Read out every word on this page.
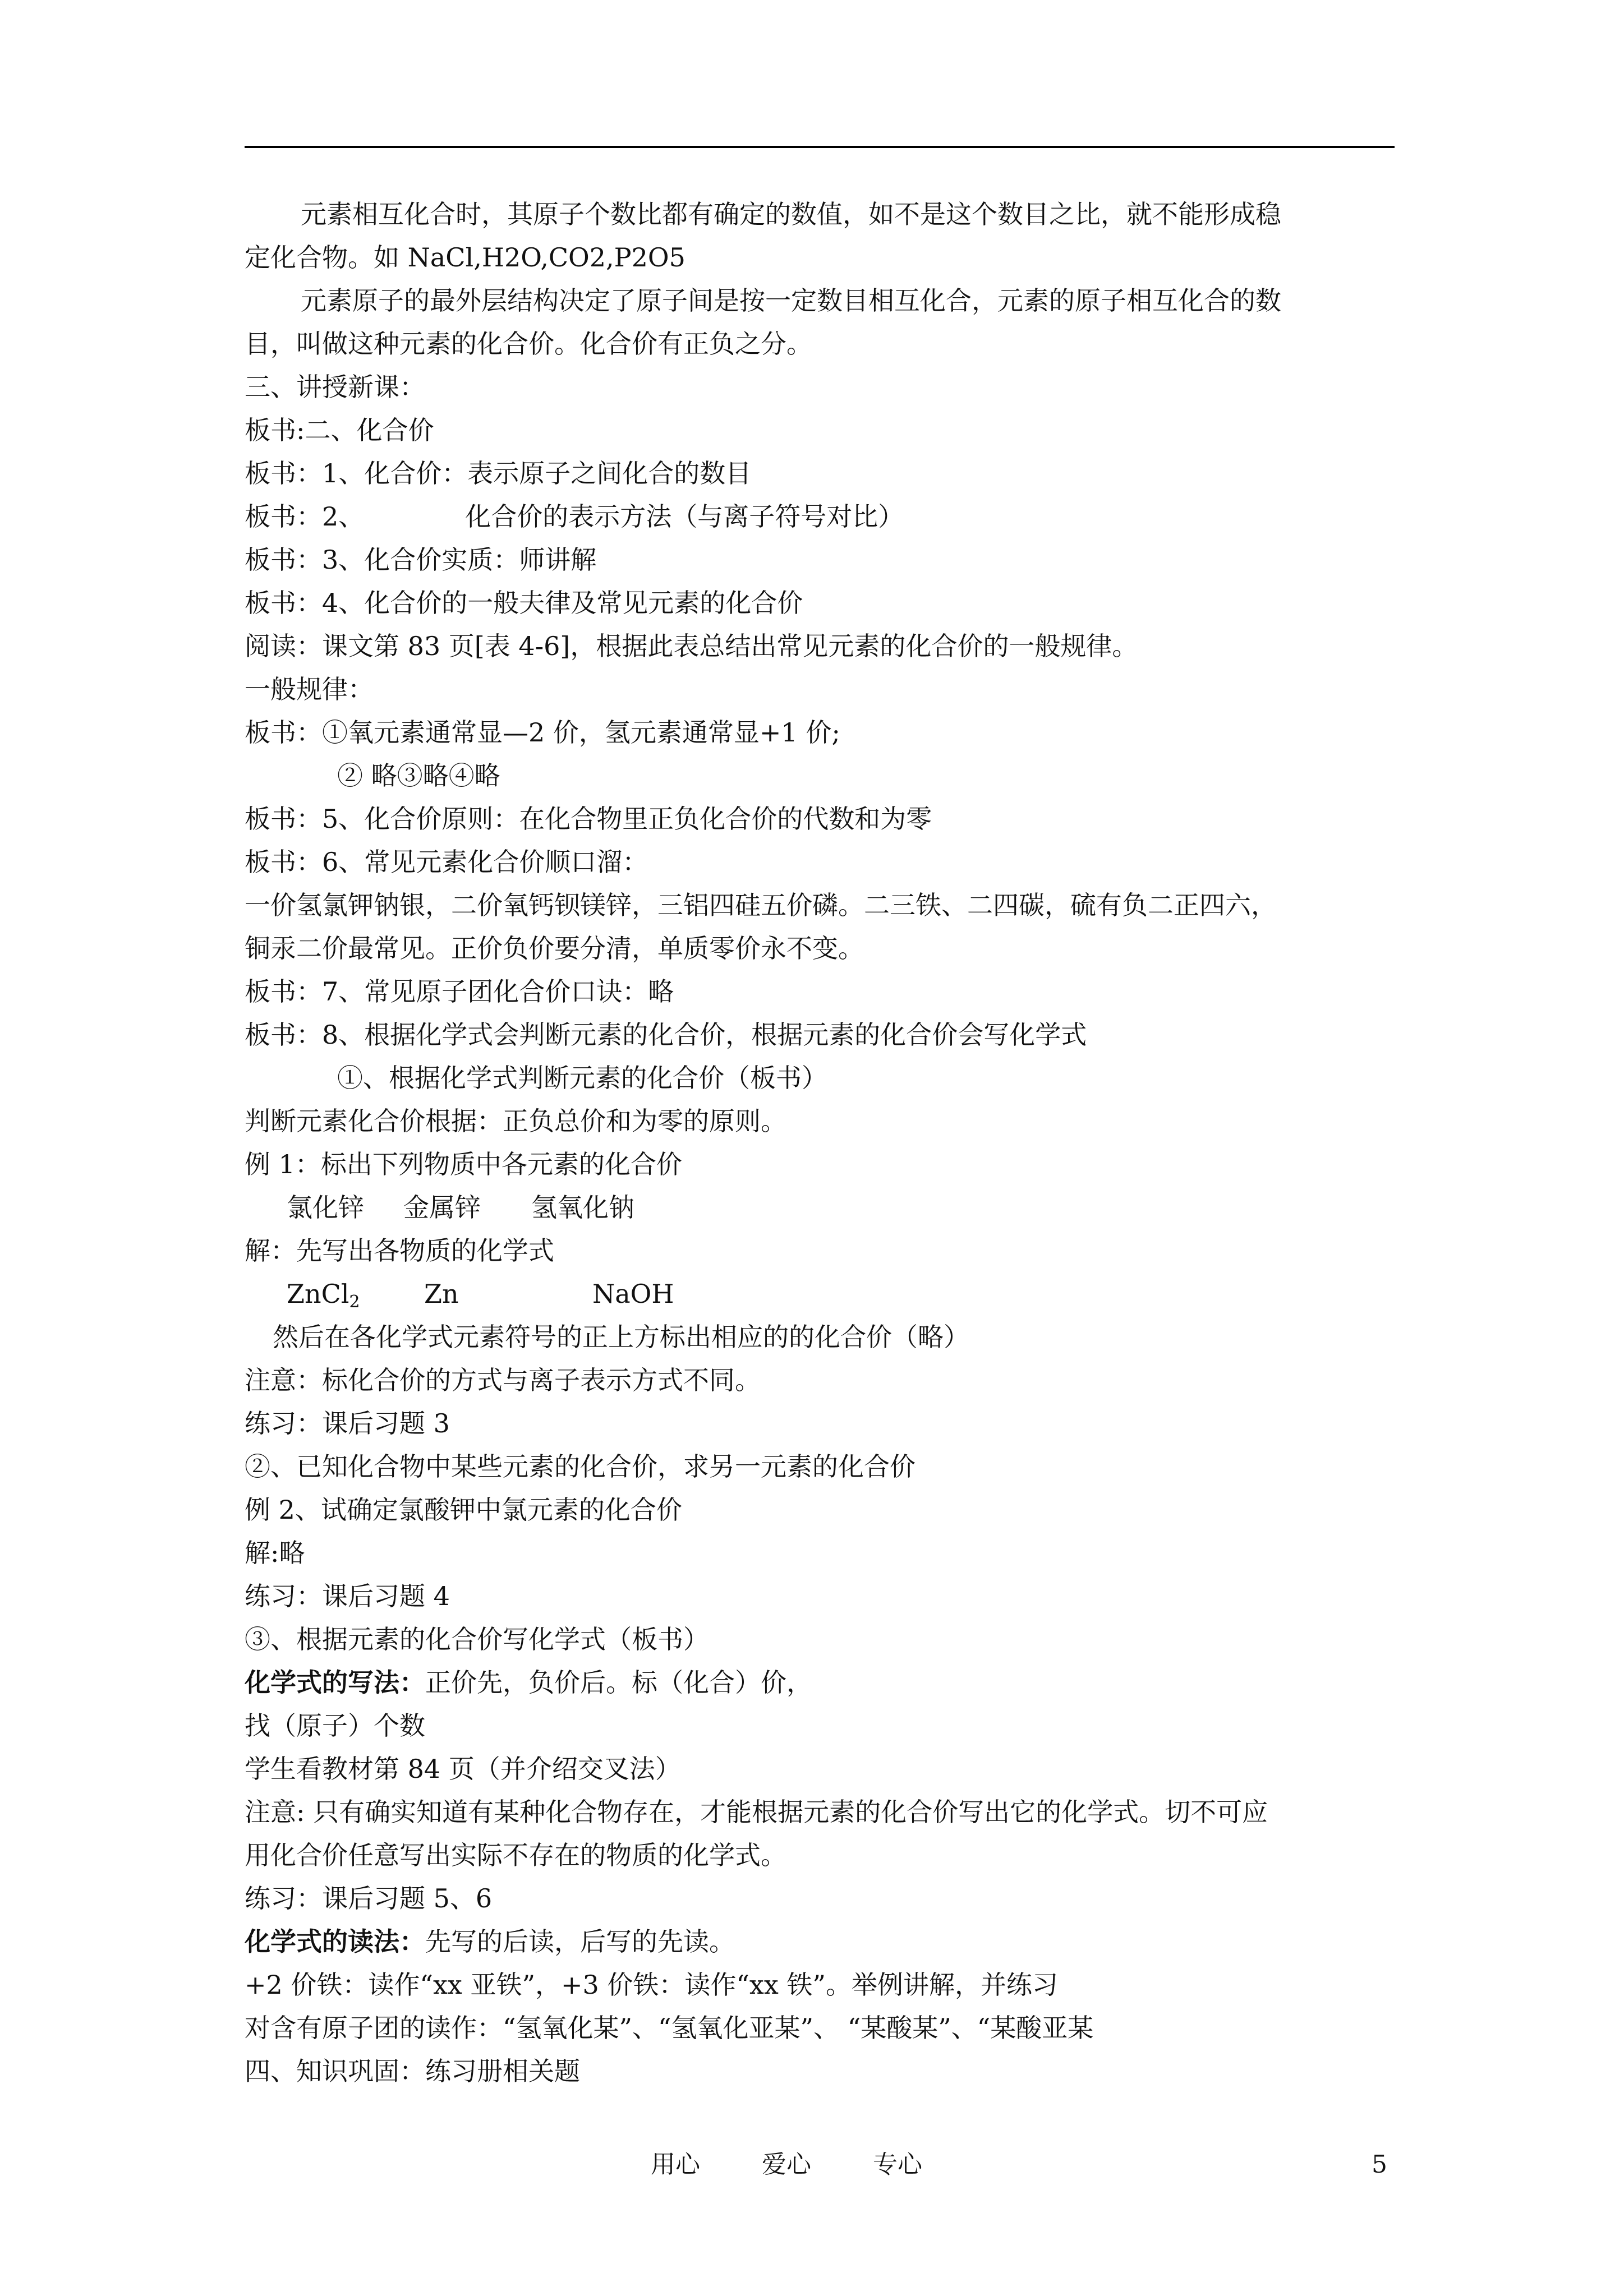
元素相互化合时，其原子个数比都有确定的数值，如不是这个数目之比，就不能形成稳
定化合物。如 NaCl,H2O,CO2,P2O5
元素原子的最外层结构决定了原子间是按一定数目相互化合，元素的原子相互化合的数
目，叫做这种元素的化合价。化合价有正负之分。
三、讲授新课：
板书:二、化合价
板书：1、化合价：表示原子之间化合的数目
板书：2、	化合价的表示方法（与离子符号对比）
板书：3、化合价实质：师讲解
板书：4、化合价的一般夫律及常见元素的化合价
阅读：课文第 83 页[表 4-6]，根据此表总结出常见元素的化合价的一般规律。
一般规律：
板书：①氧元素通常显—2 价，氢元素通常显+1 价;
② 略③略④略
板书：5、化合价原则：在化合物里正负化合价的代数和为零
板书：6、常见元素化合价顺口溜：
一价氢氯钾钠银，二价氧钙钡镁锌，三铝四硅五价磷。二三铁、二四碳，硫有负二正四六，
铜汞二价最常见。正价负价要分清，单质零价永不变。
板书：7、常见原子团化合价口诀：略
板书：8、根据化学式会判断元素的化合价，根据元素的化合价会写化学式
①、根据化学式判断元素的化合价（板书）
判断元素化合价根据：正负总价和为零的原则。
例 1：标出下列物质中各元素的化合价
氯化锌 金属锌 氢氧化钠
解：先写出各物质的化学式
ZnCl$_2$ Zn	NaOH
然后在各化学式元素符号的正上方标出相应的的化合价（略）
注意：标化合价的方式与离子表示方式不同。
练习：课后习题 3
②、已知化合物中某些元素的化合价，求另一元素的化合价
例 2、试确定氯酸钾中氯元素的化合价
解:略
练习：课后习题 4
③、根据元素的化合价写化学式（板书）
化学式的写法：正价先，负价后。标（化合）价，
找（原子）个数
学生看教材第 84 页（并介绍交叉法）
注意: 只有确实知道有某种化合物存在，才能根据元素的化合价写出它的化学式。切不可应
用化合价任意写出实际不存在的物质的化学式。
练习：课后习题 5、6
化学式的读法：先写的后读，后写的先读。
+2 价铁：读作“xx 亚铁”，+3 价铁：读作“xx 铁”。举例讲解，并练习
对含有原子团的读作：“氢氧化某”、“氢氧化亚某”、 “某酸某”、“某酸亚某
四、知识巩固：练习册相关题
用心	爱心	专心	5
